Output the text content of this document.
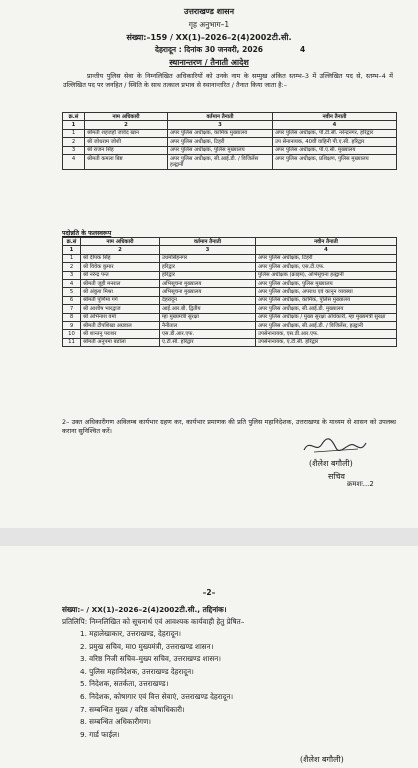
उत्तराखण्ड शासन
गृह अनुभाग–1
संख्या:–159 / XX(1)–2026–2(4)2002टी.सी.
देहरादून : दिनांक 30 जनवरी, 2026	4
स्थानान्तरण / तैनाती आदेश

प्रान्तीय पुलिस सेवा के निम्नलिखित अधिकारियों को उनके नाम के सम्मुख अंकित स्तम्भ–3 में उल्लिखित पद से, स्तम्भ–4 में उल्लिखित पद पर जनहित / स्थिति के साथ तत्काल प्रभाव से स्थानान्तरित / तैनात किया जाता है:–

क्र.सं	नाम अधिकारी	वर्तमान तैनाती	नवीन तैनाती
1	2	3	4
1	श्रीमती शहजहाँ जावेद खान	अपर पुलिस अधीक्षक, कार्मिक मुख्यालय	अपर पुलिस अधीक्षक, पी.टी.सी. नरेन्द्रनगर, हरिद्वार
2	श्री जोधराम जोशी	अपर पुलिस अधीक्षक, टिहरी	उप सेनानायक, 40वीं वाहिनी पी.ए.सी. हरिद्वार
3	श्री राजन सिंह	अपर पुलिस अधीक्षक, पुलिस मुख्यालय	अपर पुलिस अधीक्षक, पी.ए.सी. मुख्यालय
4	श्रीमती कमला बिष्ट	अपर पुलिस अधीक्षक, सी.आई.डी. / विजिलेंस हल्द्वानी	अपर पुलिस अधीक्षक, प्रशिक्षण, पुलिस मुख्यालय
पदोन्नति के फलस्वरूप
क्र.सं	नाम अधिकारी	वर्तमान तैनाती	नवीन तैनाती
1	2	3	4
1	श्री दीपक सिंह	उधमसिंहनगर	अपर पुलिस अधीक्षक, टिहरी
2	श्री विवेक कुमार	हरिद्वार	अपर पुलिस अधीक्षक, एस.टी.एफ.
3	श्री नरेन्द्र पन्त	हरिद्वार	पुलिस अधीक्षक (क्राइम), अभिसूचना हल्द्वानी
4	श्रीमती जूही मनराल	अभिसूचना मुख्यालय	अपर पुलिस अधीक्षक, पुलिस मुख्यालय
5	श्री अंकुश मिश्रा	अभिसूचना मुख्यालय	अपर पुलिस अधीक्षक, अपराध एवं कानून व्यवस्था
6	श्रीमती पूर्णिमा गर्ग	देहरादून	अपर पुलिस अधीक्षक, कार्मिक, पुलिस मुख्यालय
7	श्री आशीष भारद्वाज	आई.आर.बी. द्वितीय	अपर पुलिस अधीक्षक, सी.आई.डी. मुख्यालय
8	श्री अभिनाश वर्मा	म्हा मुख्यमंत्री सुरक्षा	अपर पुलिस अधीक्षक / मुख्य सुरक्षा अधिकारी, म्हा मुख्यमंत्री सुरक्षा
9	श्रीमती टीपशिखा अग्रवाल	नैनीताल	अपर पुलिस अधीक्षक, सी.आई.डी. / विजिलेंस, हल्द्वानी
10	श्री शान्तनु पराशर	एस.डी.आर.एफ.	उपसेनानायक, एस.डी.आर.एफ.
11	श्रीमती अनुपमा बडोला	ए.टी.सी. हरिद्वार	उपसेनानायक, ए.टी.सी. हरिद्वार

2– उक्त अधिकारीगण अविलम्ब कार्यभार ग्रहण कर, कार्यभार प्रमाणक की प्रति पुलिस महानिदेशक, उत्तराखण्ड के माध्यम से शासन को उपलब्ध कराना सुनिश्चित करें।

(शैलेश बगौली)
सचिव
क्रमशः...2
–2–
संख्या:– / XX(1)–2026–2(4)2002टी.सी., तद्दिनांक।
प्रतिलिपि: निम्नलिखित को सूचनार्थ एवं आवश्यक कार्यवाही हेतु प्रेषित–
1. महालेखाकार, उत्तराखण्ड, देहरादून।
2. प्रमुख सचिव, मा0 मुख्यमंत्री, उत्तराखण्ड शासन।
3. वरिष्ठ निजी सचिव–मुख्य सचिव, उत्तराखण्ड शासन।
4. पुलिस महानिदेशक, उत्तराखण्ड देहरादून।
5. निदेशक, सतर्कता, उत्तराखण्ड।
6. निदेशक, कोषागार एवं वित्त सेवाएं, उत्तराखण्ड देहरादून।
7. सम्बन्धित मुख्य / वरिष्ठ कोषाधिकारी।
8. सम्बन्धित अधिकारीगण।
9. गार्ड फाईल।
(शैलेश बगौली)
